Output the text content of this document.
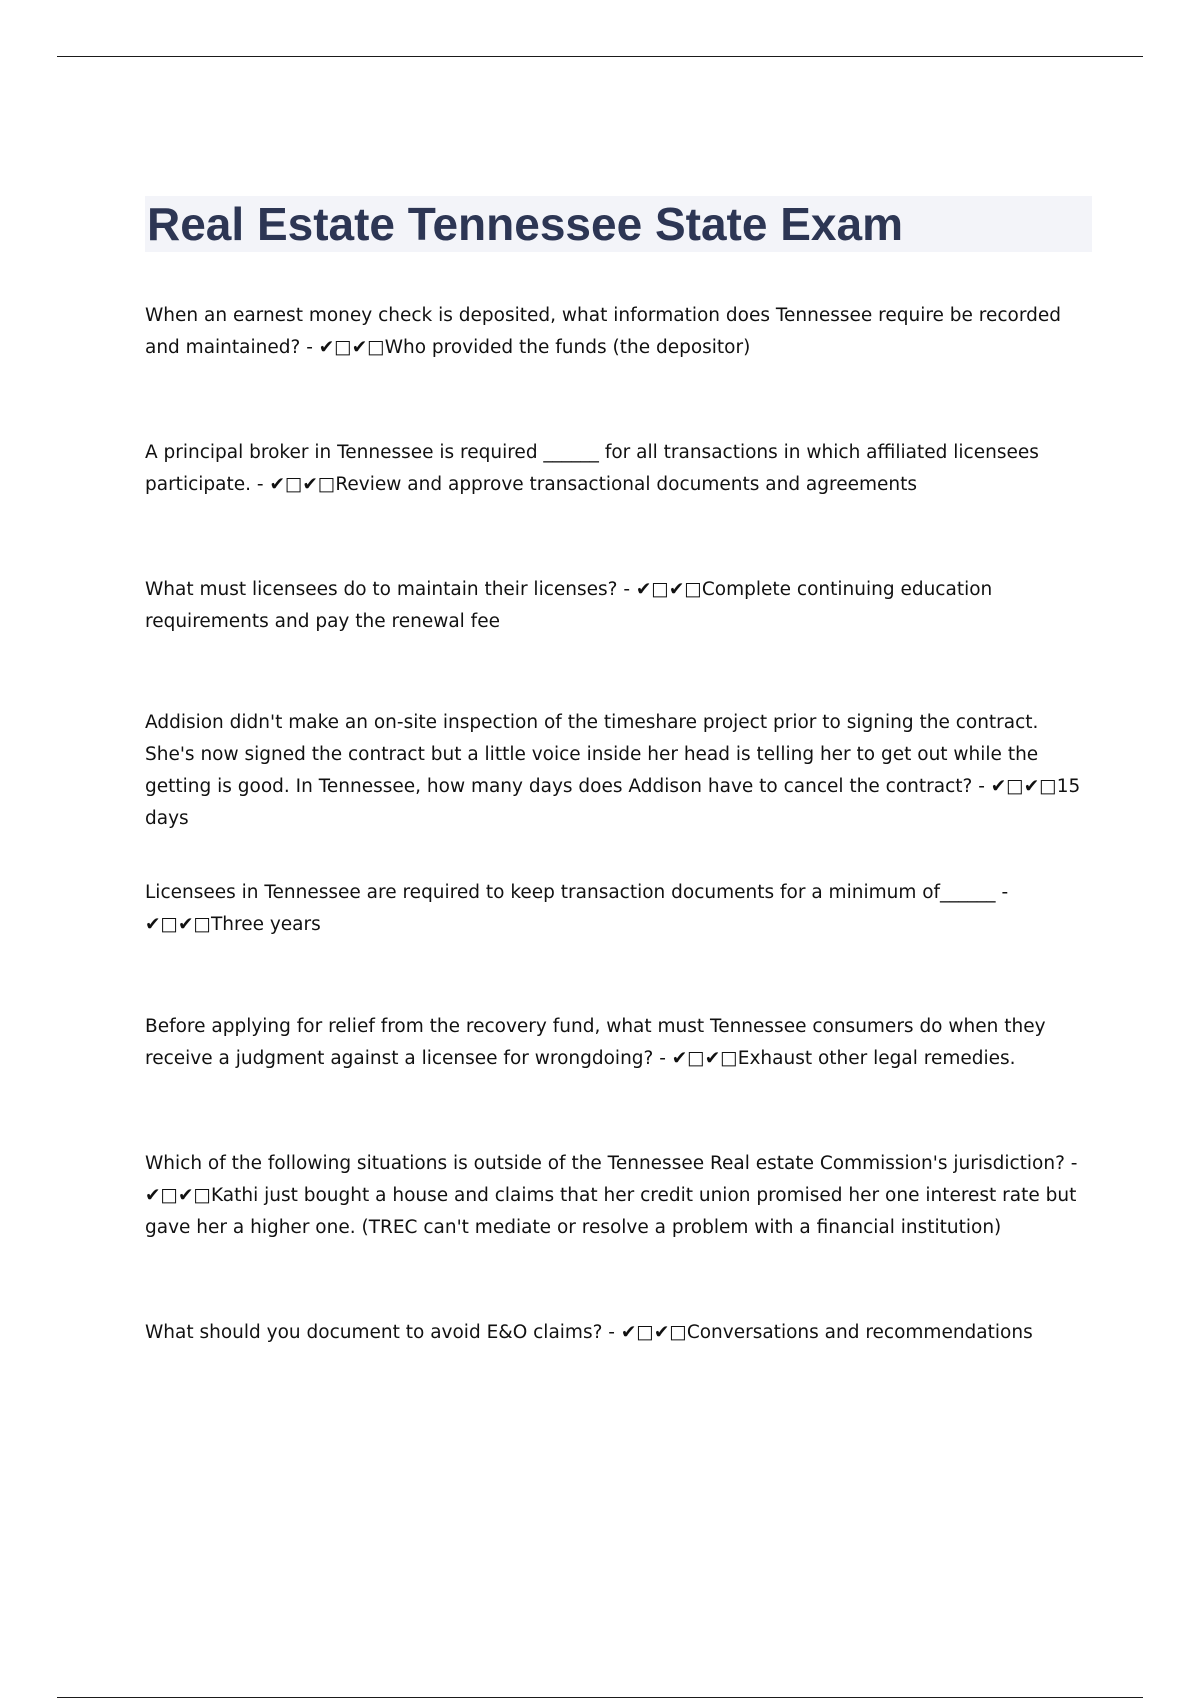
Real Estate Tennessee State Exam
When an earnest money check is deposited, what information does Tennessee require be recorded and maintained? - ✔□✔□Who provided the funds (the depositor)
A principal broker in Tennessee is required ______ for all transactions in which affiliated licensees participate. - ✔□✔□Review and approve transactional documents and agreements
What must licensees do to maintain their licenses? - ✔□✔□Complete continuing education requirements and pay the renewal fee
Addision didn't make an on-site inspection of the timeshare project prior to signing the contract. She's now signed the contract but a little voice inside her head is telling her to get out while the getting is good. In Tennessee, how many days does Addison have to cancel the contract? - ✔□✔□15 days
Licensees in Tennessee are required to keep transaction documents for a minimum of______ - ✔□✔□Three years
Before applying for relief from the recovery fund, what must Tennessee consumers do when they receive a judgment against a licensee for wrongdoing? - ✔□✔□Exhaust other legal remedies.
Which of the following situations is outside of the Tennessee Real estate Commission's jurisdiction? - ✔□✔□Kathi just bought a house and claims that her credit union promised her one interest rate but gave her a higher one. (TREC can't mediate or resolve a problem with a financial institution)
What should you document to avoid E&O claims? - ✔□✔□Conversations and recommendations
